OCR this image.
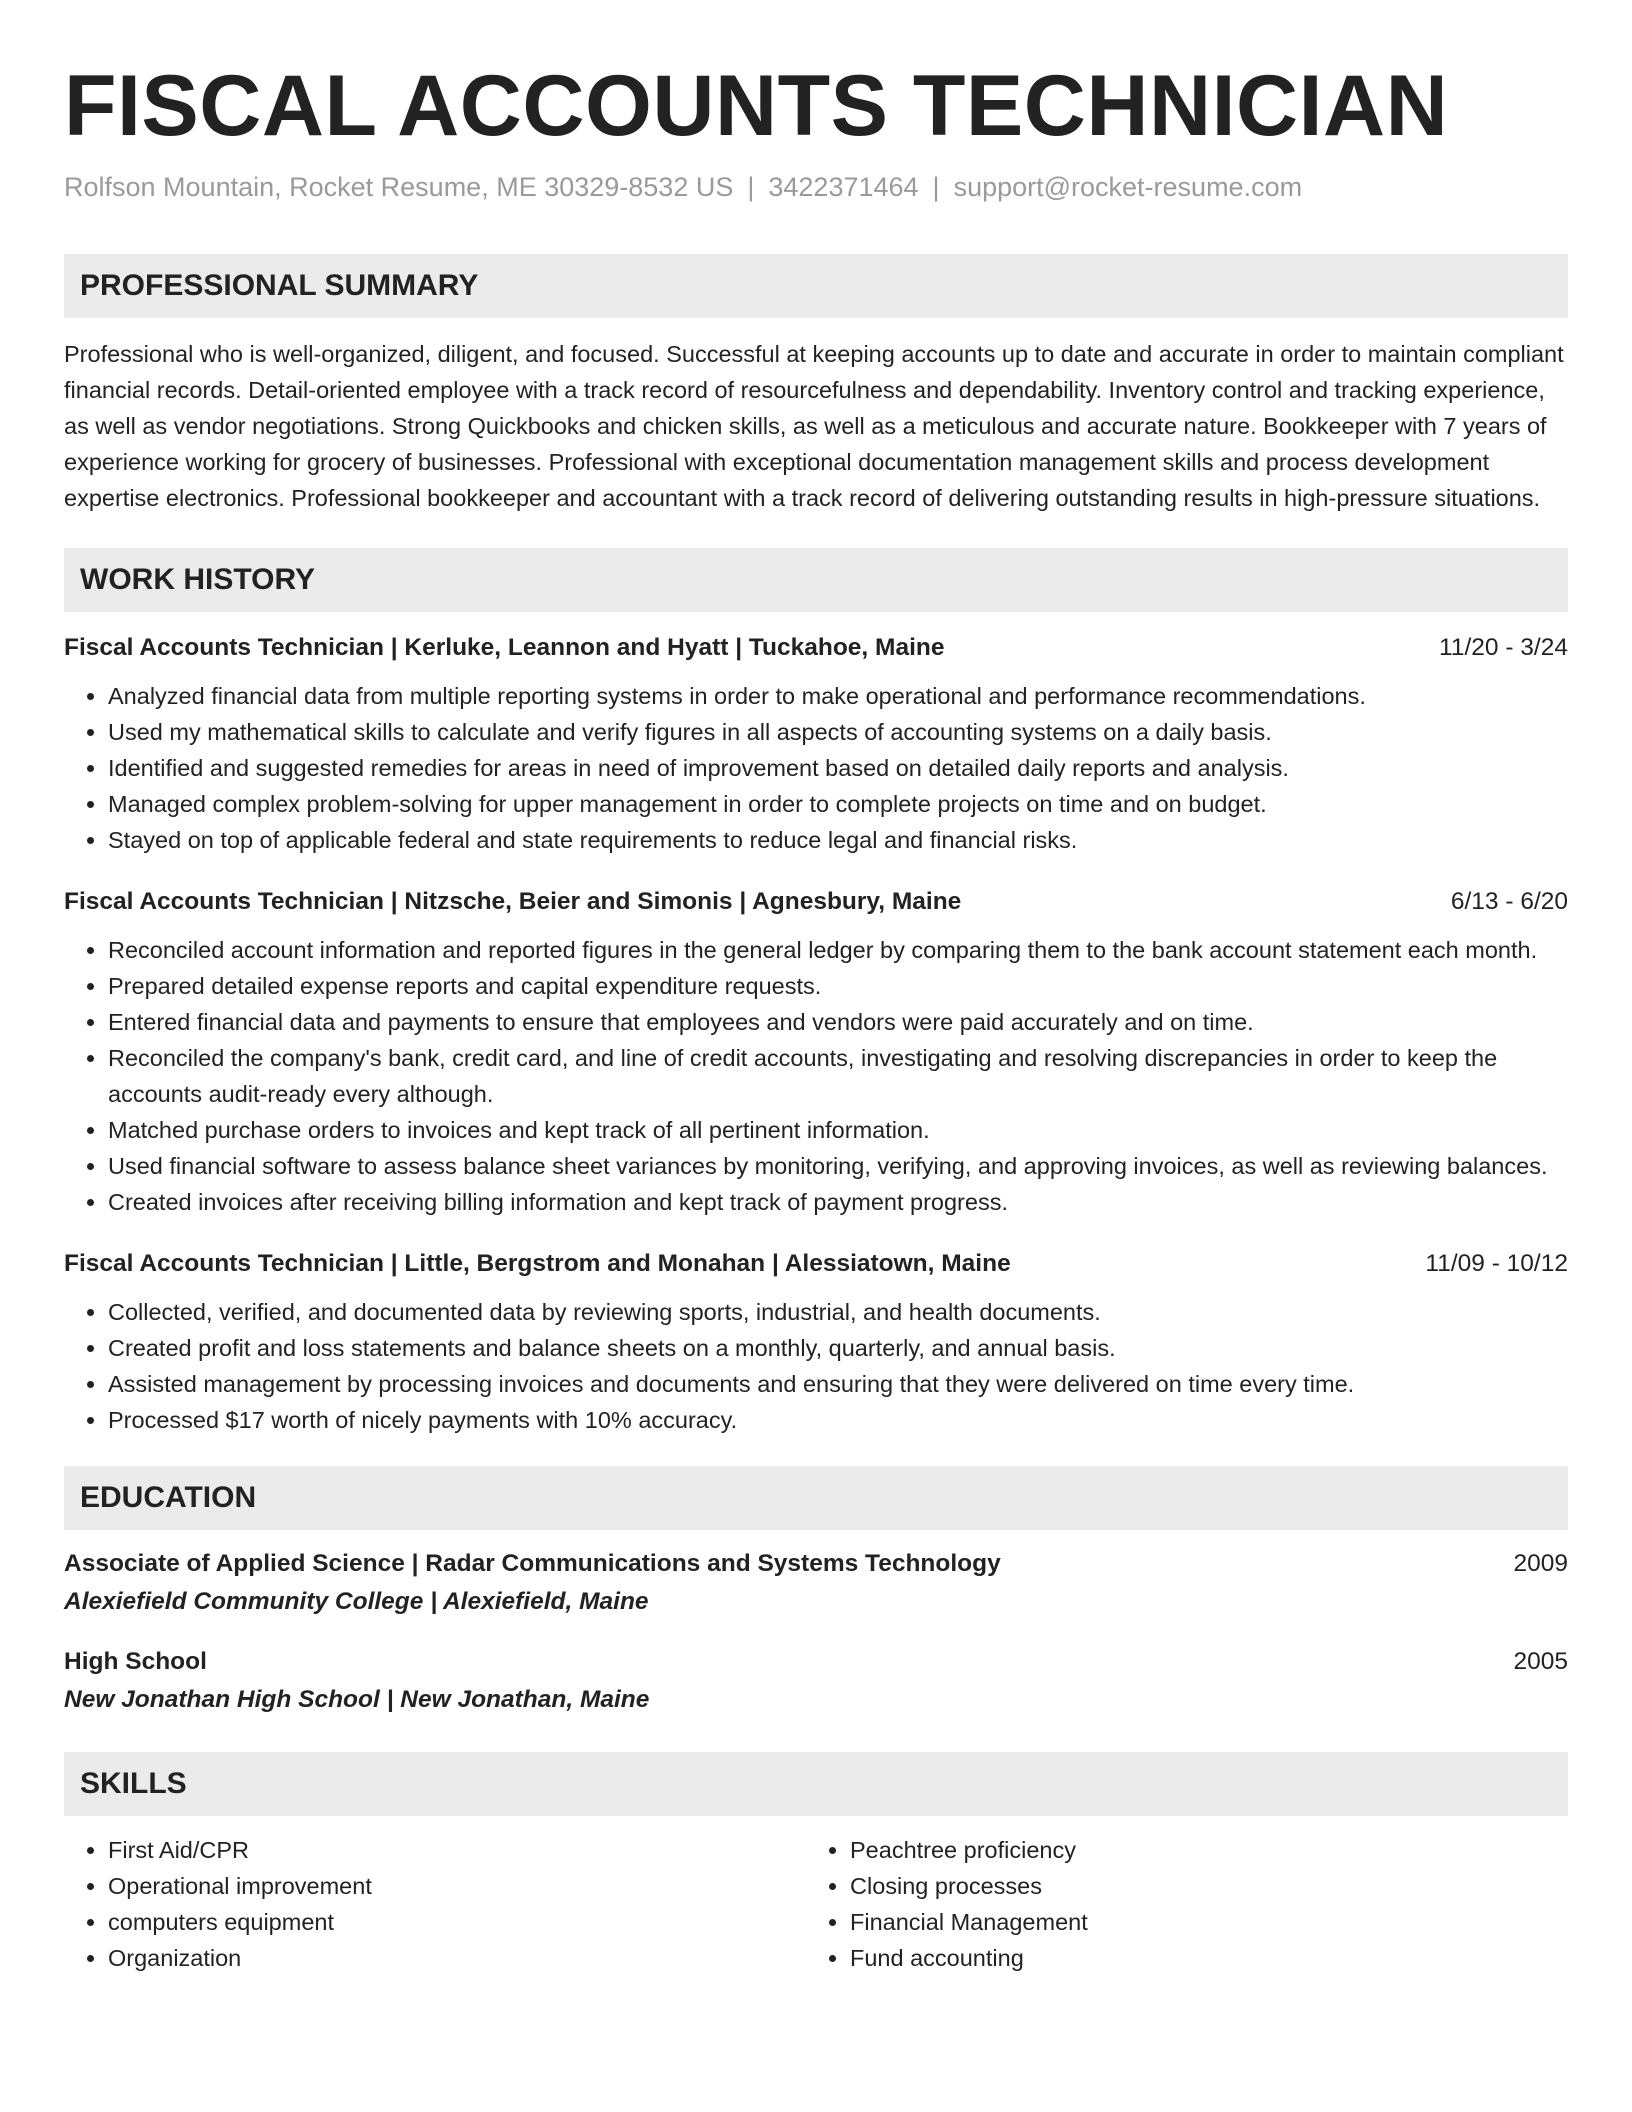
FISCAL ACCOUNTS TECHNICIAN
Rolfson Mountain, Rocket Resume, ME 30329-8532 US | 3422371464 | support@rocket-resume.com
PROFESSIONAL SUMMARY
Professional who is well-organized, diligent, and focused. Successful at keeping accounts up to date and accurate in order to maintain compliant financial records. Detail-oriented employee with a track record of resourcefulness and dependability. Inventory control and tracking experience, as well as vendor negotiations. Strong Quickbooks and chicken skills, as well as a meticulous and accurate nature. Bookkeeper with 7 years of experience working for grocery of businesses. Professional with exceptional documentation management skills and process development expertise electronics. Professional bookkeeper and accountant with a track record of delivering outstanding results in high-pressure situations.
WORK HISTORY
Fiscal Accounts Technician | Kerluke, Leannon and Hyatt | Tuckahoe, Maine	11/20 - 3/24
• Analyzed financial data from multiple reporting systems in order to make operational and performance recommendations.
• Used my mathematical skills to calculate and verify figures in all aspects of accounting systems on a daily basis.
• Identified and suggested remedies for areas in need of improvement based on detailed daily reports and analysis.
• Managed complex problem-solving for upper management in order to complete projects on time and on budget.
• Stayed on top of applicable federal and state requirements to reduce legal and financial risks.
Fiscal Accounts Technician | Nitzsche, Beier and Simonis | Agnesbury, Maine	6/13 - 6/20
• Reconciled account information and reported figures in the general ledger by comparing them to the bank account statement each month.
• Prepared detailed expense reports and capital expenditure requests.
• Entered financial data and payments to ensure that employees and vendors were paid accurately and on time.
• Reconciled the company's bank, credit card, and line of credit accounts, investigating and resolving discrepancies in order to keep the accounts audit-ready every although.
• Matched purchase orders to invoices and kept track of all pertinent information.
• Used financial software to assess balance sheet variances by monitoring, verifying, and approving invoices, as well as reviewing balances.
• Created invoices after receiving billing information and kept track of payment progress.
Fiscal Accounts Technician | Little, Bergstrom and Monahan | Alessiatown, Maine	11/09 - 10/12
• Collected, verified, and documented data by reviewing sports, industrial, and health documents.
• Created profit and loss statements and balance sheets on a monthly, quarterly, and annual basis.
• Assisted management by processing invoices and documents and ensuring that they were delivered on time every time.
• Processed $17 worth of nicely payments with 10% accuracy.
EDUCATION
Associate of Applied Science | Radar Communications and Systems Technology	2009
Alexiefield Community College | Alexiefield, Maine
High School	2005
New Jonathan High School | New Jonathan, Maine
SKILLS
• First Aid/CPR
• Operational improvement
• computers equipment
• Organization
• Peachtree proficiency
• Closing processes
• Financial Management
• Fund accounting
